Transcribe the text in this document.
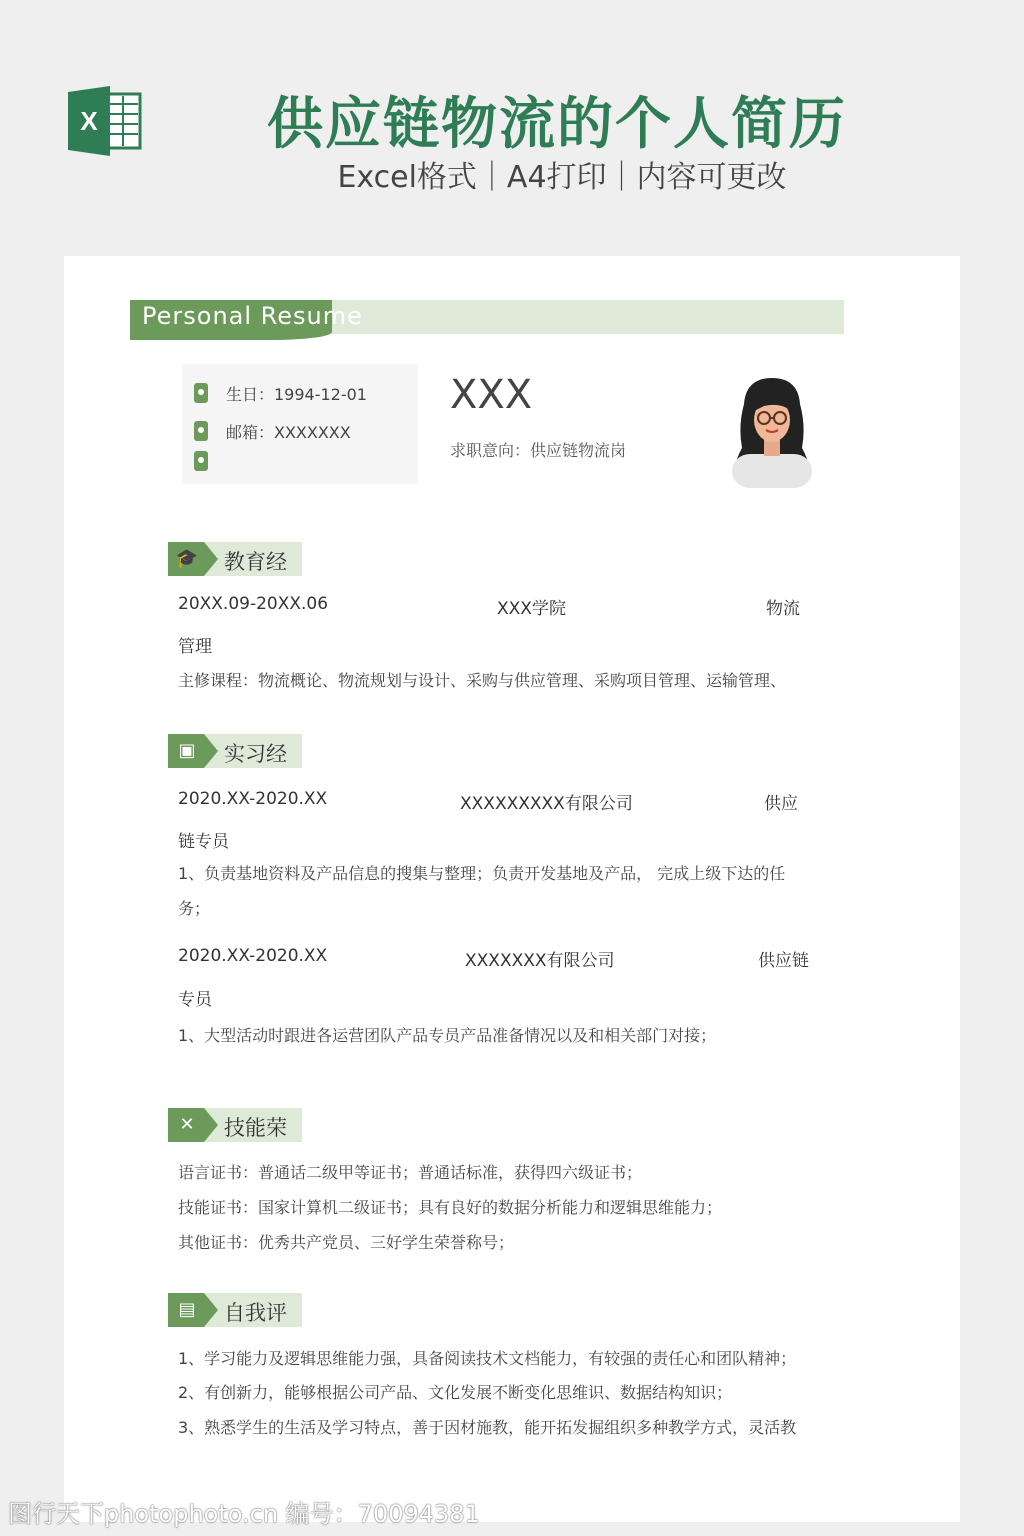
X	供应链物流的个人简历
Excel格式｜A4打印｜内容可更改
Personal Resume
生日：1994-12-01
邮箱：XXXXXXX
XXX
求职意向：供应链物流岗
🎓 教育经
20XX.09-20XX.06	XXX学院	物流
管理
主修课程：物流概论、物流规划与设计、采购与供应管理、采购项目管理、运输管理、
▣ 实习经
2020.XX-2020.XX	XXXXXXXXX有限公司	供应
链专员
1、负责基地资料及产品信息的搜集与整理；负责开发基地及产品， 完成上级下达的任
务；
2020.XX-2020.XX	XXXXXXX有限公司	供应链
专员
1、大型活动时跟进各运营团队产品专员产品准备情况以及和相关部门对接；
✕ 技能荣
语言证书：普通话二级甲等证书；普通话标准，获得四六级证书；
技能证书：国家计算机二级证书；具有良好的数据分析能力和逻辑思维能力；
其他证书：优秀共产党员、三好学生荣誉称号；
▤ 自我评
1、学习能力及逻辑思维能力强，具备阅读技术文档能力，有较强的责任心和团队精神；
2、有创新力，能够根据公司产品、文化发展不断变化思维识、数据结构知识；
3、熟悉学生的生活及学习特点，善于因材施教，能开拓发掘组织多种教学方式，灵活教
图行天下photophoto.cn 编号：70094381
